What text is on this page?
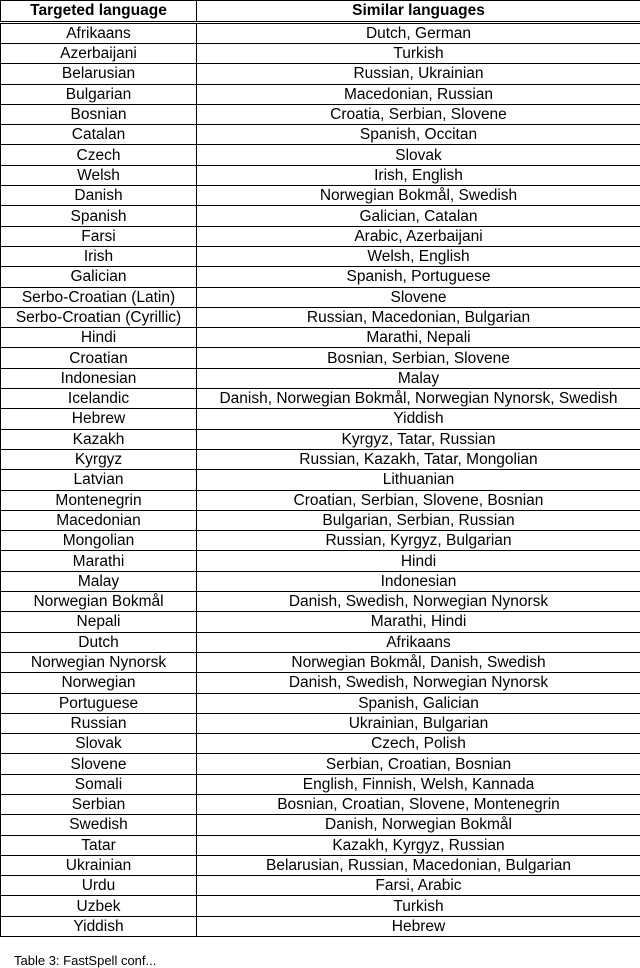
Targeted language	Similar languages
Afrikaans	Dutch, German
Azerbaijani	Turkish
Belarusian	Russian, Ukrainian
Bulgarian	Macedonian, Russian
Bosnian	Croatia, Serbian, Slovene
Catalan	Spanish, Occitan
Czech	Slovak
Welsh	Irish, English
Danish	Norwegian Bokmål, Swedish
Spanish	Galician, Catalan
Farsi	Arabic, Azerbaijani
Irish	Welsh, English
Galician	Spanish, Portuguese
Serbo-Croatian (Latin)	Slovene
Serbo-Croatian (Cyrillic)	Russian, Macedonian, Bulgarian
Hindi	Marathi, Nepali
Croatian	Bosnian, Serbian, Slovene
Indonesian	Malay
Icelandic	Danish, Norwegian Bokmål, Norwegian Nynorsk, Swedish
Hebrew	Yiddish
Kazakh	Kyrgyz, Tatar, Russian
Kyrgyz	Russian, Kazakh, Tatar, Mongolian
Latvian	Lithuanian
Montenegrin	Croatian, Serbian, Slovene, Bosnian
Macedonian	Bulgarian, Serbian, Russian
Mongolian	Russian, Kyrgyz, Bulgarian
Marathi	Hindi
Malay	Indonesian
Norwegian Bokmål	Danish, Swedish, Norwegian Nynorsk
Nepali	Marathi, Hindi
Dutch	Afrikaans
Norwegian Nynorsk	Norwegian Bokmål, Danish, Swedish
Norwegian	Danish, Swedish, Norwegian Nynorsk
Portuguese	Spanish, Galician
Russian	Ukrainian, Bulgarian
Slovak	Czech, Polish
Slovene	Serbian, Croatian, Bosnian
Somali	English, Finnish, Welsh, Kannada
Serbian	Bosnian, Croatian, Slovene, Montenegrin
Swedish	Danish, Norwegian Bokmål
Tatar	Kazakh, Kyrgyz, Russian
Ukrainian	Belarusian, Russian, Macedonian, Bulgarian
Urdu	Farsi, Arabic
Uzbek	Turkish
Yiddish	Hebrew
Table 3: FastSpell conf...
